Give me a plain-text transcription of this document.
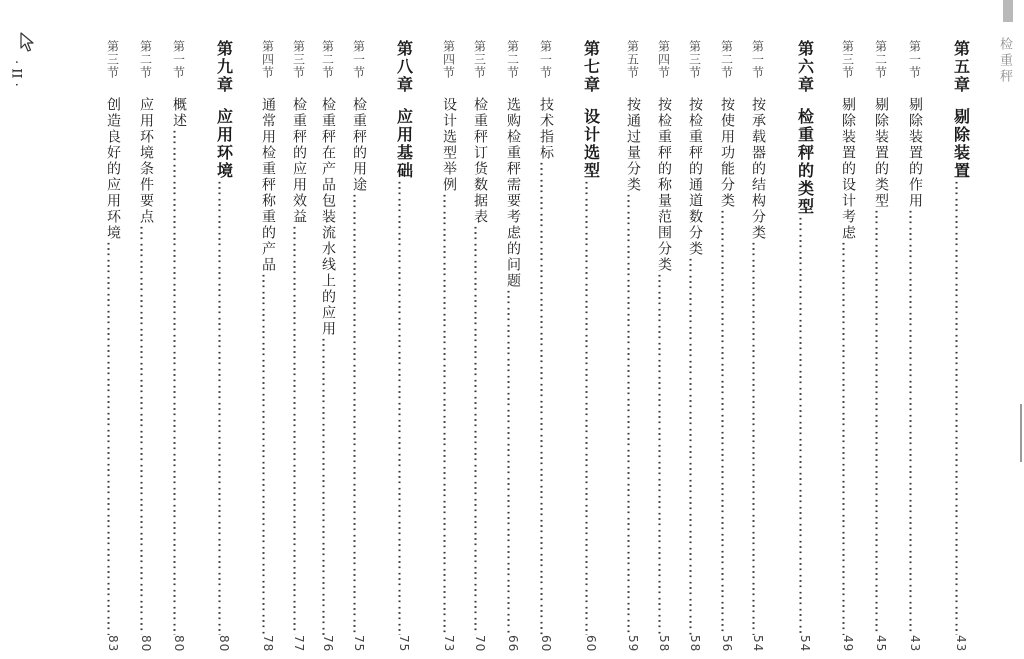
第五章剔除装置
……………………………………………………………………………………………………………………………………………………
43
第一节
剔除装置的作用
……………………………………………………………………………………………………………………………………………………
43
第二节
剔除装置的类型
……………………………………………………………………………………………………………………………………………………
45
第三节
剔除装置的设计考虑
……………………………………………………………………………………………………………………………………………………
49
第六章检重秤的类型
……………………………………………………………………………………………………………………………………………………
54
第一节
按承载器的结构分类
……………………………………………………………………………………………………………………………………………………
54
第二节
按使用功能分类
……………………………………………………………………………………………………………………………………………………
56
第三节
按检重秤的通道数分类
……………………………………………………………………………………………………………………………………………………
58
第四节
按检重秤的称量范围分类
……………………………………………………………………………………………………………………………………………………
58
第五节
按通过量分类
……………………………………………………………………………………………………………………………………………………
59
第七章设计选型
……………………………………………………………………………………………………………………………………………………
60
第一节
技术指标
……………………………………………………………………………………………………………………………………………………
60
第二节
选购检重秤需要考虑的问题
……………………………………………………………………………………………………………………………………………………
66
第三节
检重秤订货数据表
……………………………………………………………………………………………………………………………………………………
70
第四节
设计选型举例
……………………………………………………………………………………………………………………………………………………
73
第八章应用基础
……………………………………………………………………………………………………………………………………………………
75
第一节
检重秤的用途
……………………………………………………………………………………………………………………………………………………
75
第二节
检重秤在产品包装流水线上的应用
……………………………………………………………………………………………………………………………………………………
76
第三节
检重秤的应用效益
……………………………………………………………………………………………………………………………………………………
77
第四节
通常用检重秤称重的产品
……………………………………………………………………………………………………………………………………………………
78
第九章应用环境
……………………………………………………………………………………………………………………………………………………
80
第一节
概述
……………………………………………………………………………………………………………………………………………………
80
第二节
应用环境条件要点
……………………………………………………………………………………………………………………………………………………
80
第三节
创造良好的应用环境
……………………………………………………………………………………………………………………………………………………
83
检重秤
· II ·
